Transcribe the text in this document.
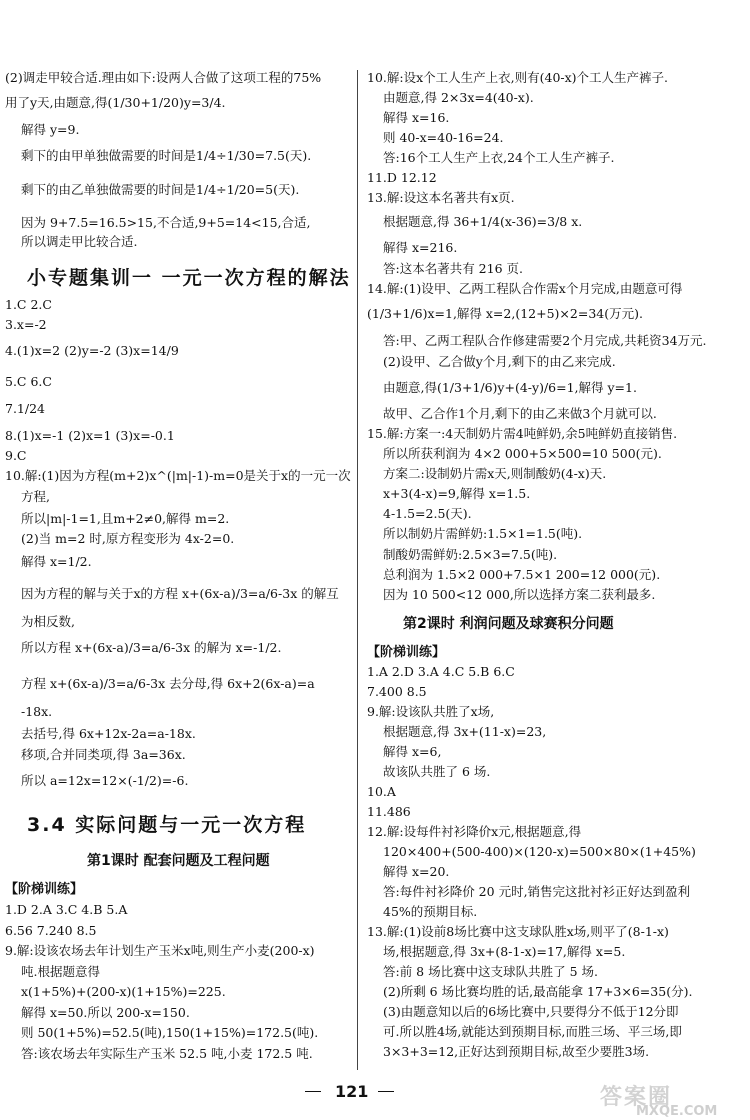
(2)调走甲较合适.理由如下:设两人合做了这项工程的75%
用了y天,由题意,得(1/30+1/20)y=3/4.
解得 y=9.
剩下的由甲单独做需要的时间是1/4÷1/30=7.5(天).
剩下的由乙单独做需要的时间是1/4÷1/20=5(天).
因为 9+7.5=16.5>15,不合适,9+5=14<15,合适,
所以调走甲比较合适.
小专题集训一 一元一次方程的解法
1.C 2.C
3.x=-2
4.(1)x=2 (2)y=-2 (3)x=14/9
5.C 6.C
7.1/24
8.(1)x=-1 (2)x=1 (3)x=-0.1
9.C
10.解:(1)因为方程(m+2)x^(|m|-1)-m=0是关于x的一元一次
方程,
所以|m|-1=1,且m+2≠0,解得 m=2.
(2)当 m=2 时,原方程变形为 4x-2=0.
解得 x=1/2.
因为方程的解与关于x的方程 x+(6x-a)/3=a/6-3x 的解互
为相反数,
所以方程 x+(6x-a)/3=a/6-3x 的解为 x=-1/2.
方程 x+(6x-a)/3=a/6-3x 去分母,得 6x+2(6x-a)=a
-18x.
去括号,得 6x+12x-2a=a-18x.
移项,合并同类项,得 3a=36x.
所以 a=12x=12×(-1/2)=-6.
3.4 实际问题与一元一次方程
第1课时 配套问题及工程问题
【阶梯训练】
1.D 2.A 3.C 4.B 5.A
6.56 7.240 8.5
9.解:设该农场去年计划生产玉米x吨,则生产小麦(200-x)
吨.根据题意得
x(1+5%)+(200-x)(1+15%)=225.
解得 x=50.所以 200-x=150.
则 50(1+5%)=52.5(吨),150(1+15%)=172.5(吨).
答:该农场去年实际生产玉米 52.5 吨,小麦 172.5 吨.
10.解:设x个工人生产上衣,则有(40-x)个工人生产裤子.
由题意,得 2×3x=4(40-x).
解得 x=16.
则 40-x=40-16=24.
答:16个工人生产上衣,24个工人生产裤子.
11.D 12.12
13.解:设这本名著共有x页.
根据题意,得 36+1/4(x-36)=3/8 x.
解得 x=216.
答:这本名著共有 216 页.
14.解:(1)设甲、乙两工程队合作需x个月完成,由题意可得
(1/3+1/6)x=1,解得 x=2,(12+5)×2=34(万元).
答:甲、乙两工程队合作修建需要2个月完成,共耗资34万元.
(2)设甲、乙合做y个月,剩下的由乙来完成.
由题意,得(1/3+1/6)y+(4-y)/6=1,解得 y=1.
故甲、乙合作1个月,剩下的由乙来做3个月就可以.
15.解:方案一:4天制奶片需4吨鲜奶,余5吨鲜奶直接销售.
所以所获利润为 4×2 000+5×500=10 500(元).
方案二:设制奶片需x天,则制酸奶(4-x)天.
x+3(4-x)=9,解得 x=1.5.
4-1.5=2.5(天).
所以制奶片需鲜奶:1.5×1=1.5(吨).
制酸奶需鲜奶:2.5×3=7.5(吨).
总利润为 1.5×2 000+7.5×1 200=12 000(元).
因为 10 500<12 000,所以选择方案二获利最多.
第2课时 利润问题及球赛积分问题
【阶梯训练】
1.A 2.D 3.A 4.C 5.B 6.C
7.400 8.5
9.解:设该队共胜了x场,
根据题意,得 3x+(11-x)=23,
解得 x=6,
故该队共胜了 6 场.
10.A
11.486
12.解:设每件衬衫降价x元,根据题意,得
120×400+(500-400)×(120-x)=500×80×(1+45%)
解得 x=20.
答:每件衬衫降价 20 元时,销售完这批衬衫正好达到盈利
45%的预期目标.
13.解:(1)设前8场比赛中这支球队胜x场,则平了(8-1-x)
场,根据题意,得 3x+(8-1-x)=17,解得 x=5.
答:前 8 场比赛中这支球队共胜了 5 场.
(2)所剩 6 场比赛均胜的话,最高能拿 17+3×6=35(分).
(3)由题意知以后的6场比赛中,只要得分不低于12分即
可.所以胜4场,就能达到预期目标,而胜三场、平三场,即
3×3+3=12,正好达到预期目标,故至少要胜3场.
121	答案圈
MXQE.COM
